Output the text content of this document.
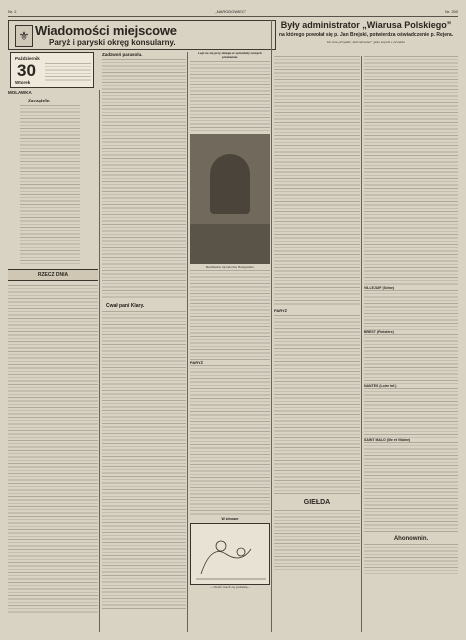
Nr. 2	„NARODOWIEC”	Nr. 250
⚜ Wiadomości miejscowe
Paryż i paryski okręg konsularny.
Październik
30
Wtorek
MOLAWKA
Zaczątele.
RZECZ DNIA
Zadzwoń parasolu.
Cwał pani Klary.
Lepi ne się przy obiegu w sprzedaży nowych przekazów.
Meditation na taborze Heligoniku.
PARYŻ
W zimowe
— Chodź, niech cię postawię...
Były administrator „Wiarusa Polskiego”
na którego powołał się p. Jan Brejski, potwierdza oświadczenie p. Rejera.
Do nas przysłał „Narodowiec” jako szpalt z prawda
PARYŻ
GIEŁDA
VILLEJUIF (Seine)
BREST (Finistère)
NANTES (Loire Inf.)
SAINT MALO (Ille et Vilaine)
Ahonownin.
